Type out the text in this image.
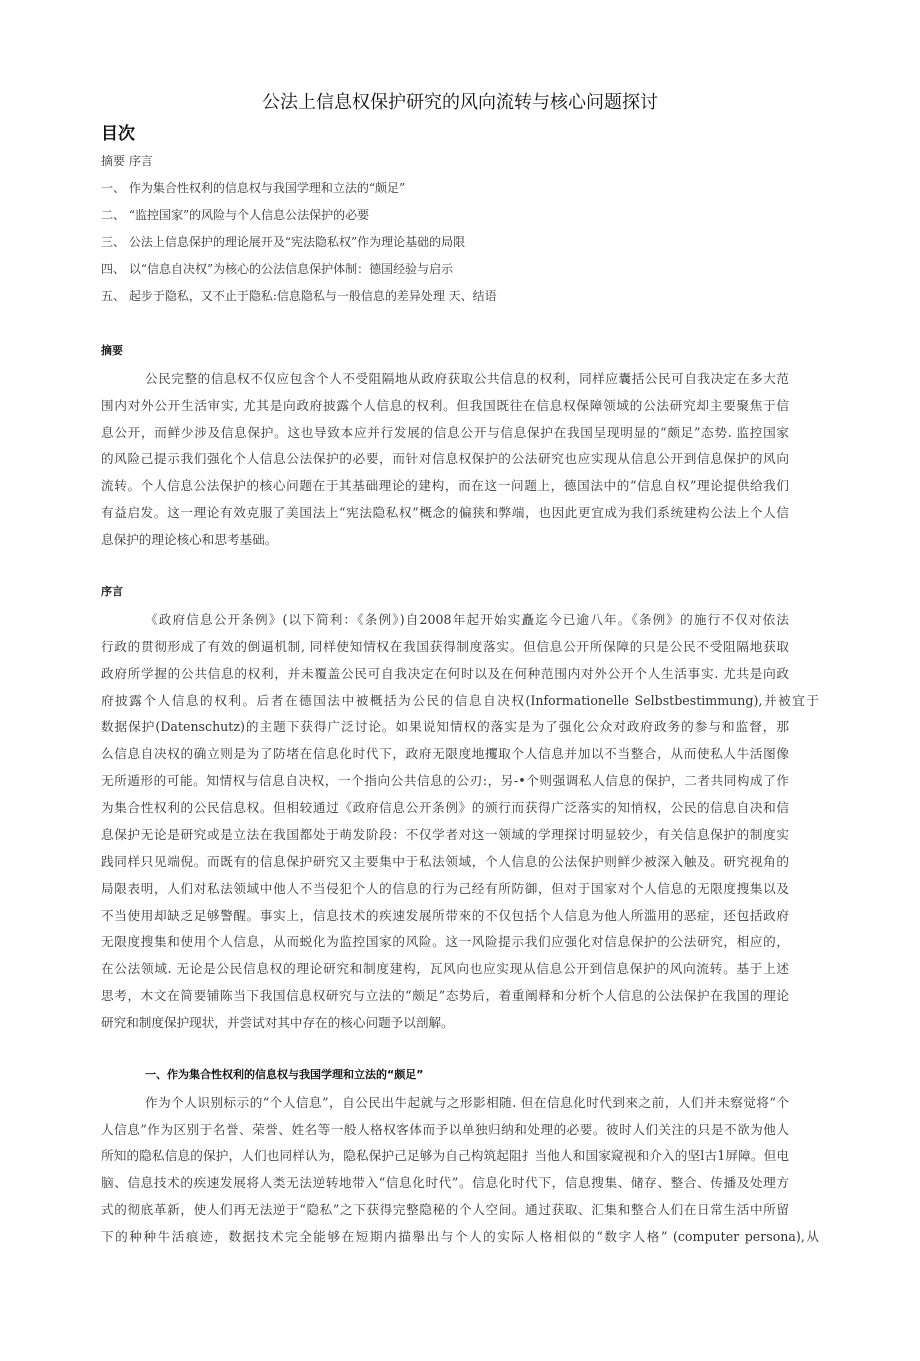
公法上信息权保护研究的风向流转与核心问题探讨
目次
摘要 序言
一、 作为集合性权利的信息权与我国学理和立法的“颇足”
二、 “监控国家”的风险与个人信息公法保护的必要
三、 公法上信息保护的理论展开及“宪法隐私权”作为理论基础的局限
四、 以“信息自决权”为核心的公法信息保护体制：德国经验与启示
五、 起步于隐私，又不止于隐私:信息隐私与一般信息的差异处理 天、结语
摘要
公民完整的信息权不仅应包含个人不受阻隔地从政府获取公共信息的权利，同样应囊括公民可自我决定在多大范
围内对外公开生活审实, 尤其是向政府披露个人信息的权利。但我国既往在信息权保障领域的公法研究却主要聚焦于信
息公开，而鲜少涉及信息保护。这也导致本应并行发展的信息公开与信息保护在我国呈现明显的“颇足”态势. 监控国家
的风险己提示我们强化个人信息公法保护的必要，而针对信息权保护的公法研究也应实现从信息公开到信息保护的风向
流转。个人信息公法保护的核心问题在于其基础理论的建构，而在这一问题上，德国法中的“信息自权”理论提供给我们
有益启发。这一理论有效克服了美国法上“宪法隐私权”概念的偏狭和弊端，也因此更宜成为我们系统建构公法上个人信
息保护的理论核心和思考基础。
序言
《政府信息公开条例》(以下简利：《条例》)自2008年起开始实矗迄今已逾八年。《条例》的施行不仅对依法
行政的贯彻形成了有效的倒逼机制, 同样使知情权在我国获得制度落实。但信息公开所保障的只是公民不受阻隔地获取
政府所学握的公共信息的权利，并未覆盖公民可自我决定在何时以及在何种范围内对外公开个人生活事实. 尤共是向政
府披露个人信息的权利。后者在德国法中被概括为公民的信息自决权(Informationelle Selbstbestimmung),并被宜于
数据保护(Datenschutz)的主题下获得广泛讨论。如果说知情权的落实是为了强化公众对政府政务的参与和监督，那
么信息自决权的确立则是为了防堵在信息化时代下，政府无限度地攫取个人信息并加以不当整合，从而使私人牛活图像
无所遁形的可能。知情权与信息自决权，一个指向公共信息的公刃:，另-•个则强调私人信息的保护，二者共同构成了作
为集合性权利的公民信息权。但相较通过《政府信息公开条例》的颁行而获得广泛落实的知悄权，公民的信息自决和信
息保护无论是研究或是立法在我国都处于萌发阶段：不仅学者对这一领域的学理探讨明显较少，有关信息保护的制度实
践同样只见端倪。而既有的信息保护研究又主要集中于私法领域，个人信息的公法保护则鲜少被深入触及。研究视角的
局限表明，人们对私法领域中他人不当侵犯个人的信息的行为己经有所防御，但对于国家对个人信息的无限度搜集以及
不当使用却缺乏足够警醒。事实上，信息技术的疾速发展所带來的不仅包括个人信息为他人所滥用的恶症，还包括政府
无限度搜集和使用个人信息，从而蜕化为监控国家的风险。这一风险提示我们应强化对信息保护的公法研究，相应的，
在公法领域. 无论是公民信息权的理论研究和制度建构，瓦风向也应实现从信息公开到信息保护的风向流转。基于上述
思考，木文在简要铺陈当下我国信息权研究与立法的“颇足”态势后，着重阐释和分析个人信息的公法保护在我国的理论
研究和制度保护现状，并尝试对其中存在的核心问题予以剖解。
一、作为集合性权利的信息权与我国学理和立法的“颇足”
作为个人识别标示的“个人信息”，自公民出牛起就与之形影相随. 但在信息化时代到來之前，人们并未察觉将“个
人信息”作为区别于名誉、荣誉、姓名等一般人格权客体而予以单独归纳和处理的必要。彼时人们关注的只是不欲为他人
所知的隐私信息的保护，人们也同样认为，隐私保护己足够为自己构筑起阻扌当他人和国家窥视和介入的坚l古1屏障。但电
脑、信息技术的疾速发展将人类无法逆转地带入“信息化时代”。信息化时代下，信息搜集、储存、整合、传播及处理方
式的彻底革新，使人们再无法逆于“隐私”之下获得完整隐秘的个人空间。通过获取、汇集和整合人们在日常生活中所留
下的种种牛活痕迹，数据技术完全能够在短期内描舉出与个人的实际人格相似的“数字人格” (computer persona),从
